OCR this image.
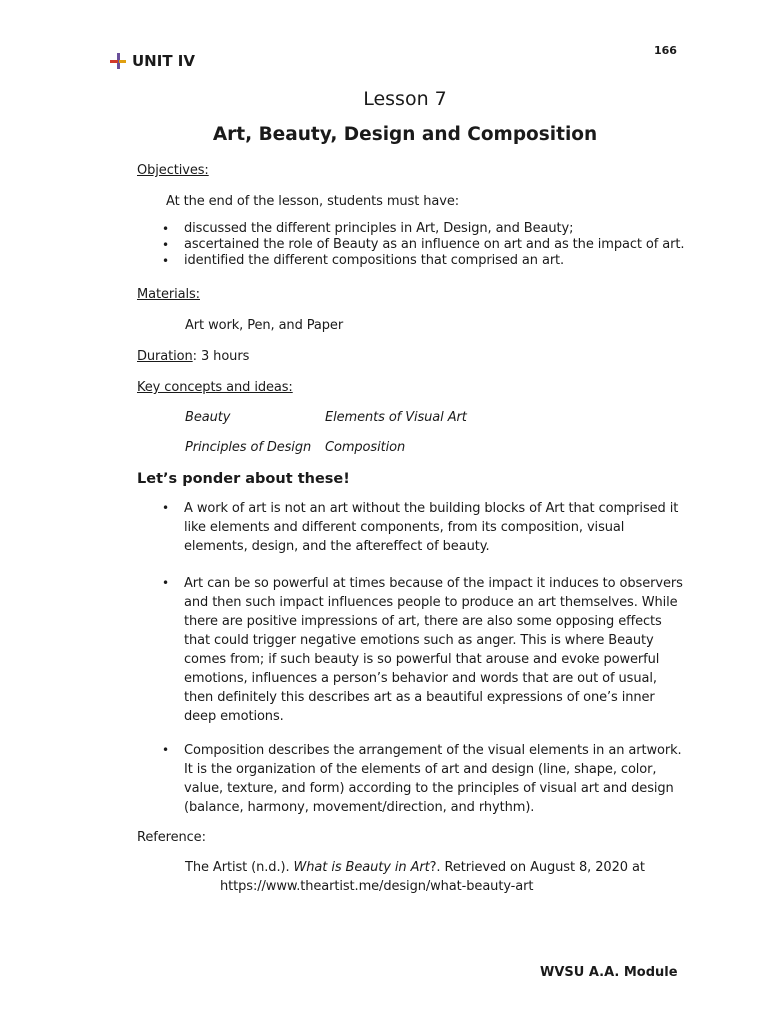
166
UNIT IV
Lesson 7
Art, Beauty, Design and Composition
Objectives:
At the end of the lesson, students must have:
• discussed the different principles in Art, Design, and Beauty;
• ascertained the role of Beauty as an influence on art and as the impact of art.
• identified the different compositions that comprised an art.
Materials:
Art work, Pen, and Paper
Duration: 3 hours
Key concepts and ideas:
Beauty	Elements of Visual Art
Principles of Design Composition
Let’s ponder about these!
• A work of art is not an art without the building blocks of Art that comprised it
like elements and different components, from its composition, visual
elements, design, and the aftereffect of beauty.
• Art can be so powerful at times because of the impact it induces to observers
and then such impact influences people to produce an art themselves. While
there are positive impressions of art, there are also some opposing effects
that could trigger negative emotions such as anger. This is where Beauty
comes from; if such beauty is so powerful that arouse and evoke powerful
emotions, influences a person’s behavior and words that are out of usual,
then definitely this describes art as a beautiful expressions of one’s inner
deep emotions.
• Composition describes the arrangement of the visual elements in an artwork.
It is the organization of the elements of art and design (line, shape, color,
value, texture, and form) according to the principles of visual art and design
(balance, harmony, movement/direction, and rhythm).
Reference:
The Artist (n.d.). What is Beauty in Art?. Retrieved on August 8, 2020 at
https://www.theartist.me/design/what-beauty-art
WVSU A.A. Module
